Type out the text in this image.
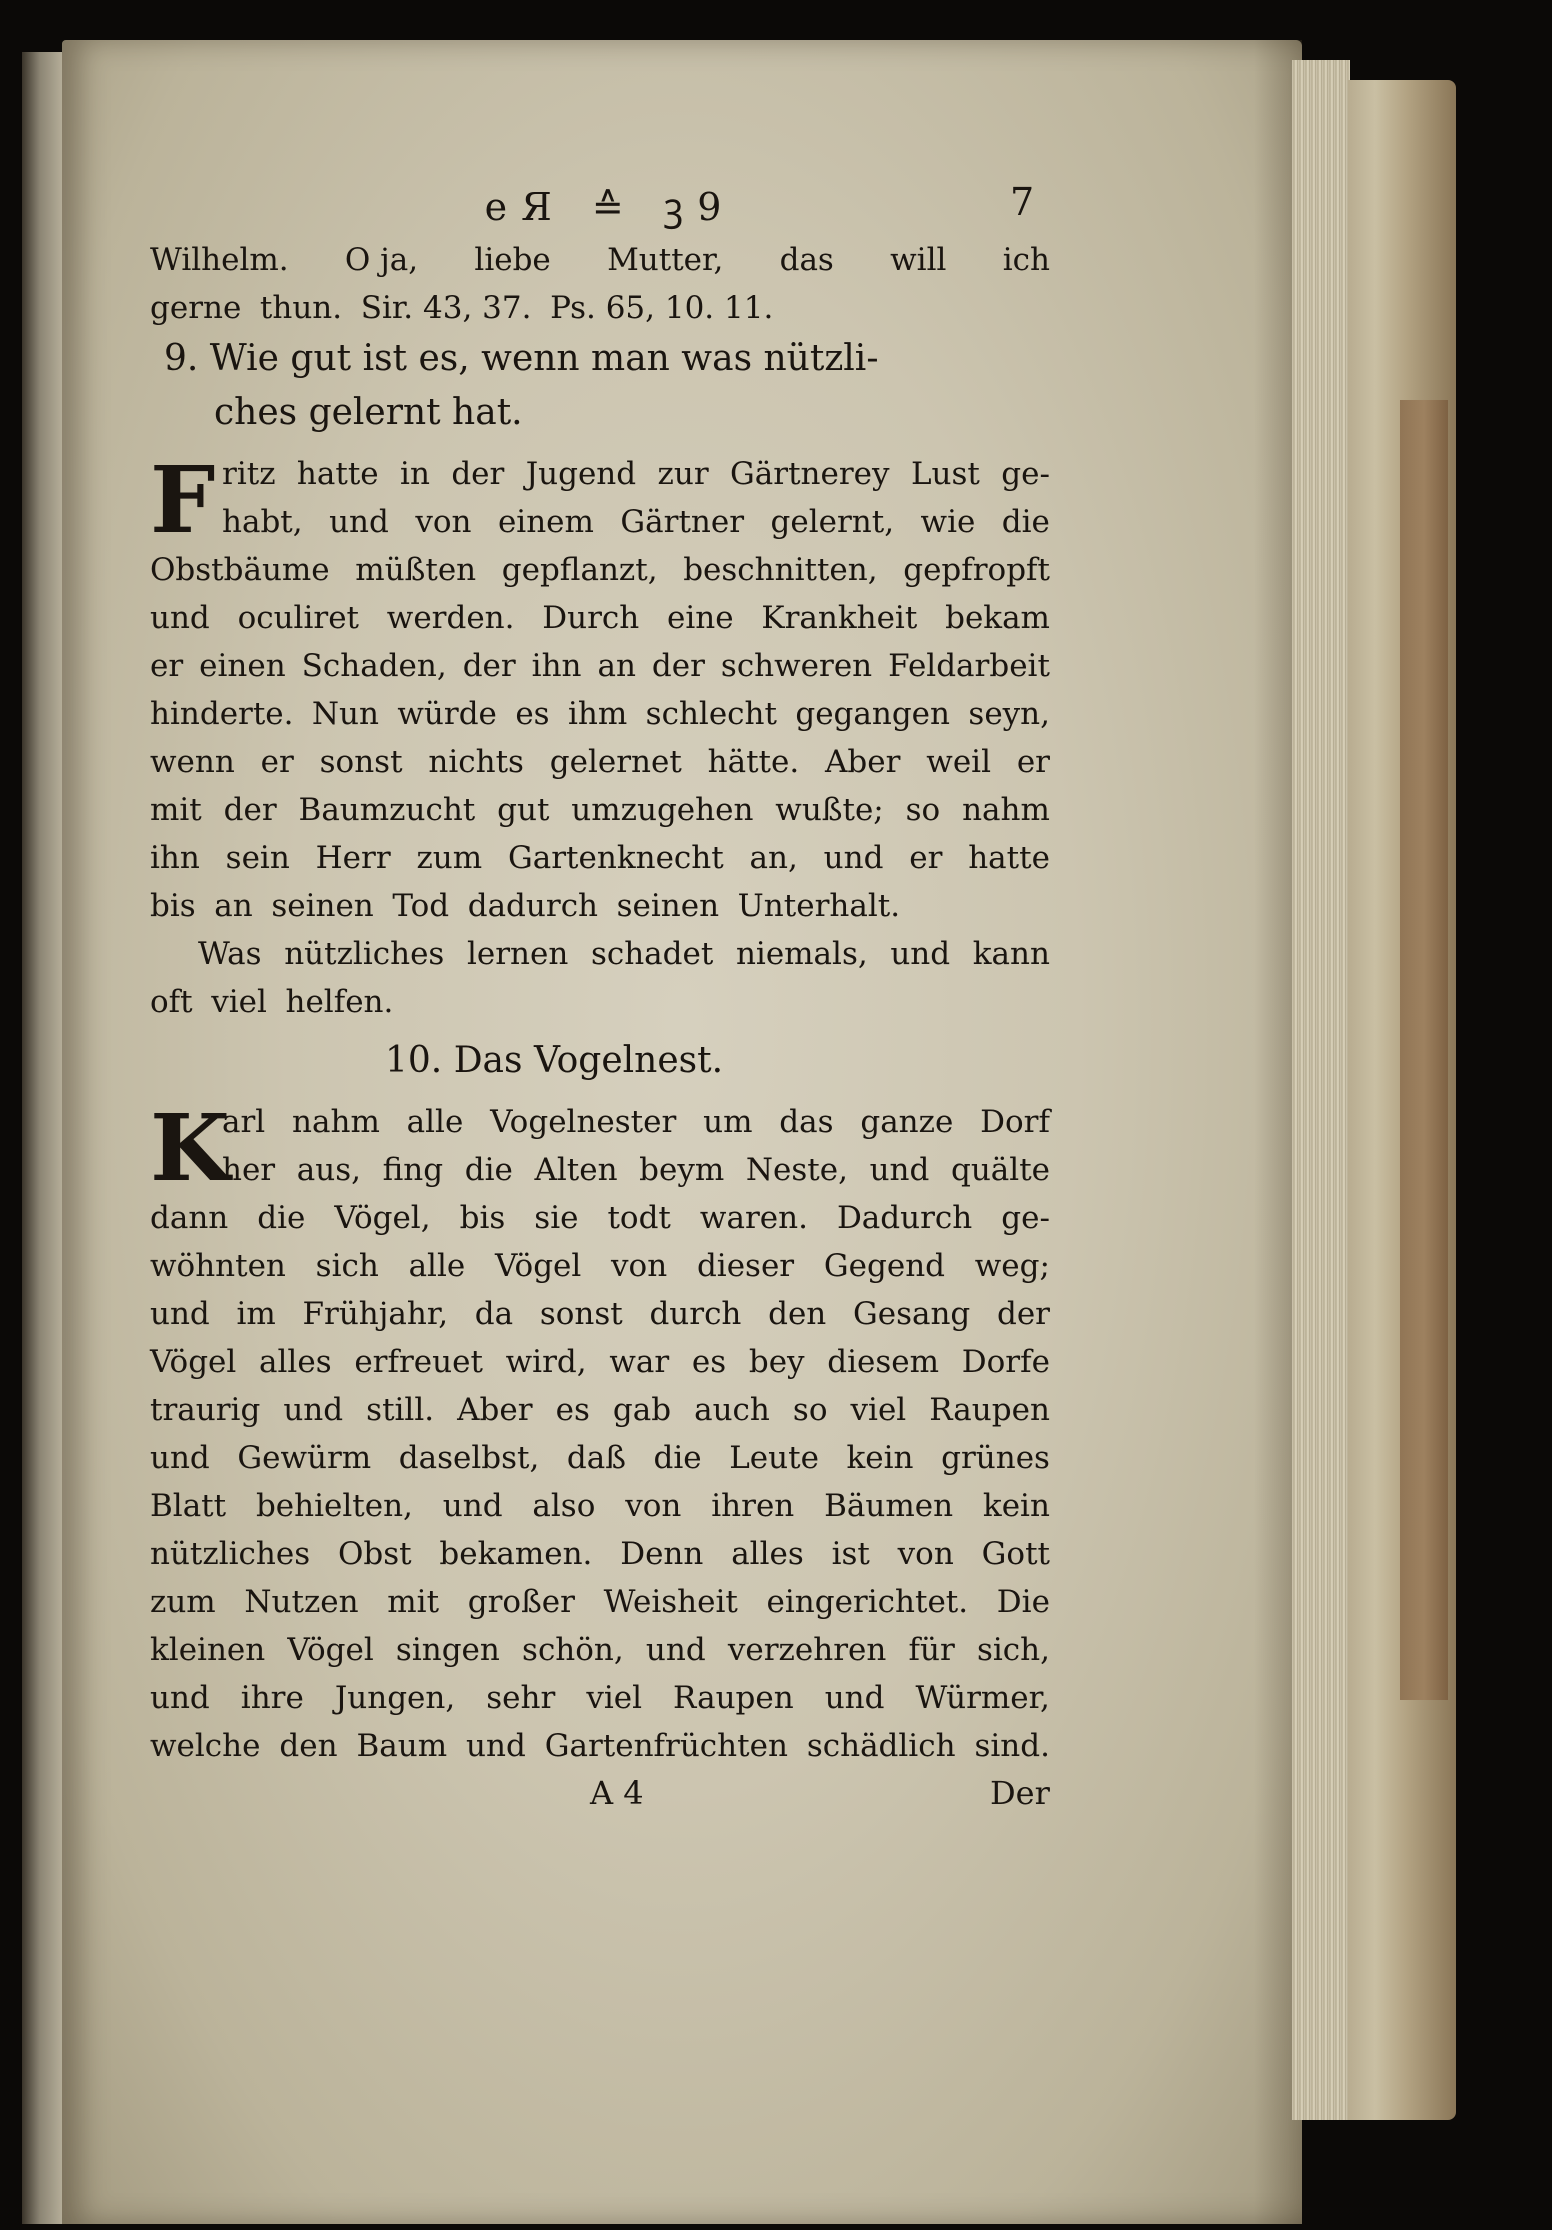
eЯ ≙ ꝫ9	7
Wilhelm. O ja, liebe Mutter, das will ich
gerne thun. Sir. 43, 37. Ps. 65, 10. 11.
9. Wie gut ist es, wenn man was nützli-
ches gelernt hat.
F ritz hatte in der Jugend zur Gärtnerey Lust ge-
habt, und von einem Gärtner gelernt, wie die
Obstbäume müßten gepflanzt, beschnitten, gepfropft
und oculiret werden. Durch eine Krankheit bekam
er einen Schaden, der ihn an der schweren Feldarbeit
hinderte. Nun würde es ihm schlecht gegangen seyn,
wenn er sonst nichts gelernet hätte. Aber weil er
mit der Baumzucht gut umzugehen wußte; so nahm
ihn sein Herr zum Gartenknecht an, und er hatte
bis an seinen Tod dadurch seinen Unterhalt.
Was nützliches lernen schadet niemals, und kann
oft viel helfen.
10. Das Vogelnest.
K
arl nahm alle Vogelnester um das ganze Dorf
her aus, fing die Alten beym Neste, und quälte
dann die Vögel, bis sie todt waren. Dadurch ge-
wöhnten sich alle Vögel von dieser Gegend weg;
und im Frühjahr, da sonst durch den Gesang der
Vögel alles erfreuet wird, war es bey diesem Dorfe
traurig und still. Aber es gab auch so viel Raupen
und Gewürm daselbst, daß die Leute kein grünes
Blatt behielten, und also von ihren Bäumen kein
nützliches Obst bekamen. Denn alles ist von Gott
zum Nutzen mit großer Weisheit eingerichtet. Die
kleinen Vögel singen schön, und verzehren für sich,
und ihre Jungen, sehr viel Raupen und Würmer,
welche den Baum und Gartenfrüchten schädlich sind.
A 4	Der
